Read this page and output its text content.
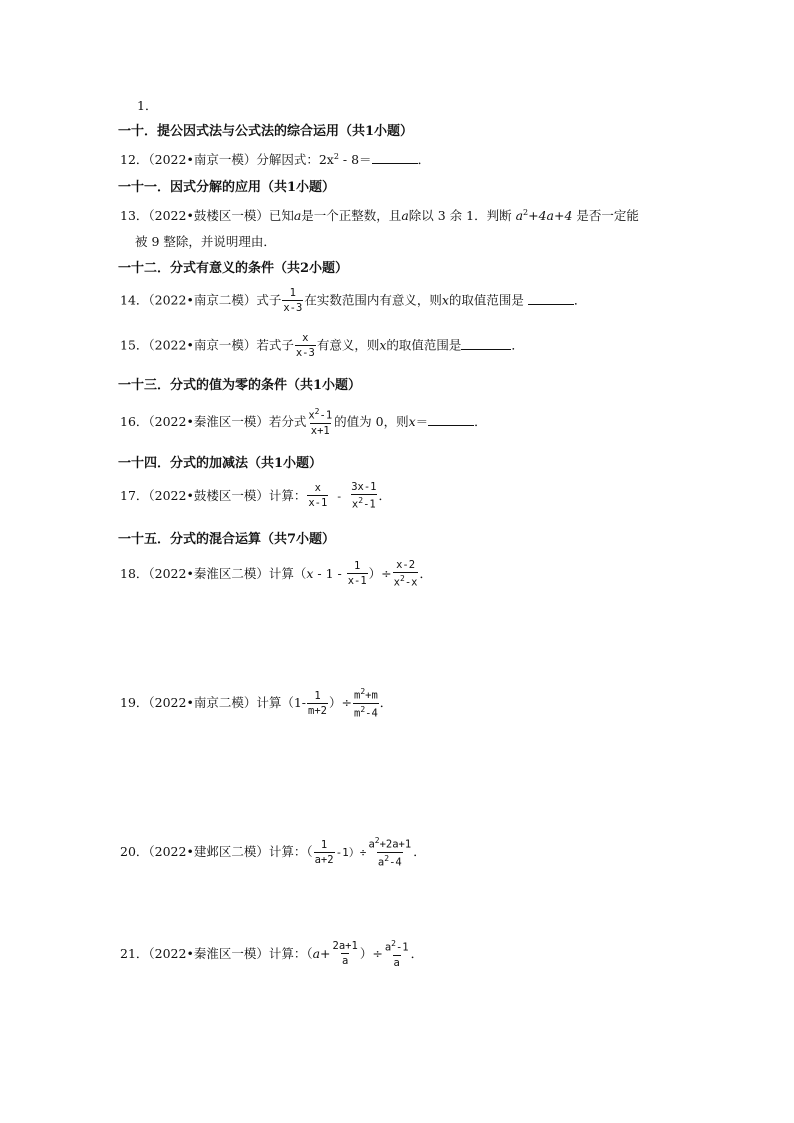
1．
一十．提公因式法与公式法的综合运用（共1小题）
12．（2022•南京一模）分解因式：$2x^2 - 8=$	．
一十一．因式分解的应用（共1小题）
13．（2022•鼓楼区一模）已知a是一个正整数，且a除以 3 余 1．判断 $a^2+4a+4$ 是否一定能
被 9 整除，并说明理由．
一十二．分式有意义的条件（共2小题）
14．（2022•南京二模）式子 $\frac{1}{x-3}$ 在实数范围内有意义，则x的取值范围是	．
15．（2022•南京一模）若式子 $\frac{x}{x-3}$ 有意义，则x的取值范围是	．
一十三．分式的值为零的条件（共1小题）
16．（2022•秦淮区一模）若分式 $\frac{x^2-1}{x+1}$ 的值为 0，则x＝	．
一十四．分式的加减法（共1小题）
17．（2022•鼓楼区一模）计算： $\frac{x}{x-1} - \frac{3x-1}{x^2-1}$ ．
一十五．分式的混合运算（共7小题）
18．（2022•秦淮区二模）计算（$x - 1 - \frac{1}{x-1}$ ）÷ $\frac{x-2}{x^2-x}$ ．
19．（2022•南京二模）计算（$1- \frac{1}{m+2}$ ）÷ $\frac{m^2+m}{m^2-4}$ ．
20．（2022•建邺区二模）计算：（ $\frac{1}{a+2} -1)\div \frac{a^2+2a+1}{a^2-4}$ ．
21．（2022•秦淮区一模）计算：（$a+ \frac{2a+1}{a}$ ）÷ $\frac{a^2-1}{a}$ ．
